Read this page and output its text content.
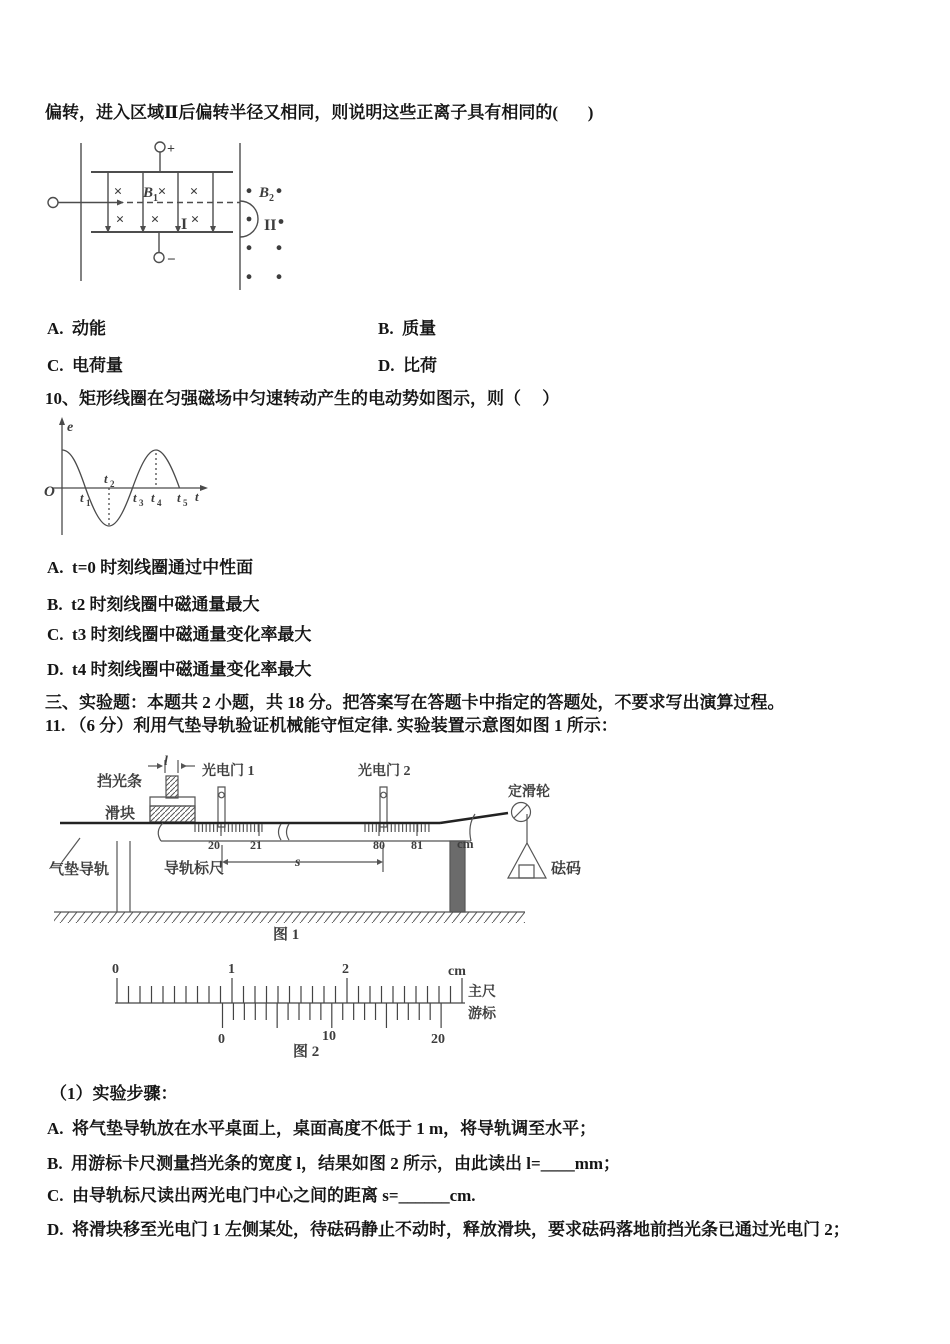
偏转，进入区域Ⅱ后偏转半径又相同，则说明这些正离子具有相同的(       )
+
−
× × ×
× × ×
B 1
I
B 2
II
A.  动能	B.  质量
C.  电荷量	D.  比荷
10、矩形线圈在匀强磁场中匀速转动产生的电动势如图示，则（     ）
e
O t 1
t 2
t 3 t 4 t 5 t
A.  t=0 时刻线圈通过中性面
B.  t2 时刻线圈中磁通量最大
C.  t3 时刻线圈中磁通量变化率最大
D.  t4 时刻线圈中磁通量变化率最大
三、实验题：本题共 2 小题，共 18 分。把答案写在答题卡中指定的答题处，不要求写出演算过程。
11. （6 分）利用气垫导轨验证机械能守恒定律. 实验装置示意图如图 1 所示：
l
挡光条
滑块
光电门 1	光电门 2
定滑轮
20	21	80 81	cm
s
导轨标尺
气垫导轨	砝码
图 1
0	1	2	cm
主尺
游标
0	10	20
图 2
（1）实验步骤：
A.  将气垫导轨放在水平桌面上，桌面高度不低于 1 m，将导轨调至水平；
B.  用游标卡尺测量挡光条的宽度 l，结果如图 2 所示，由此读出 l=____mm；
C.  由导轨标尺读出两光电门中心之间的距离 s=______cm.
D.  将滑块移至光电门 1 左侧某处，待砝码静止不动时，释放滑块，要求砝码落地前挡光条已通过光电门 2；
